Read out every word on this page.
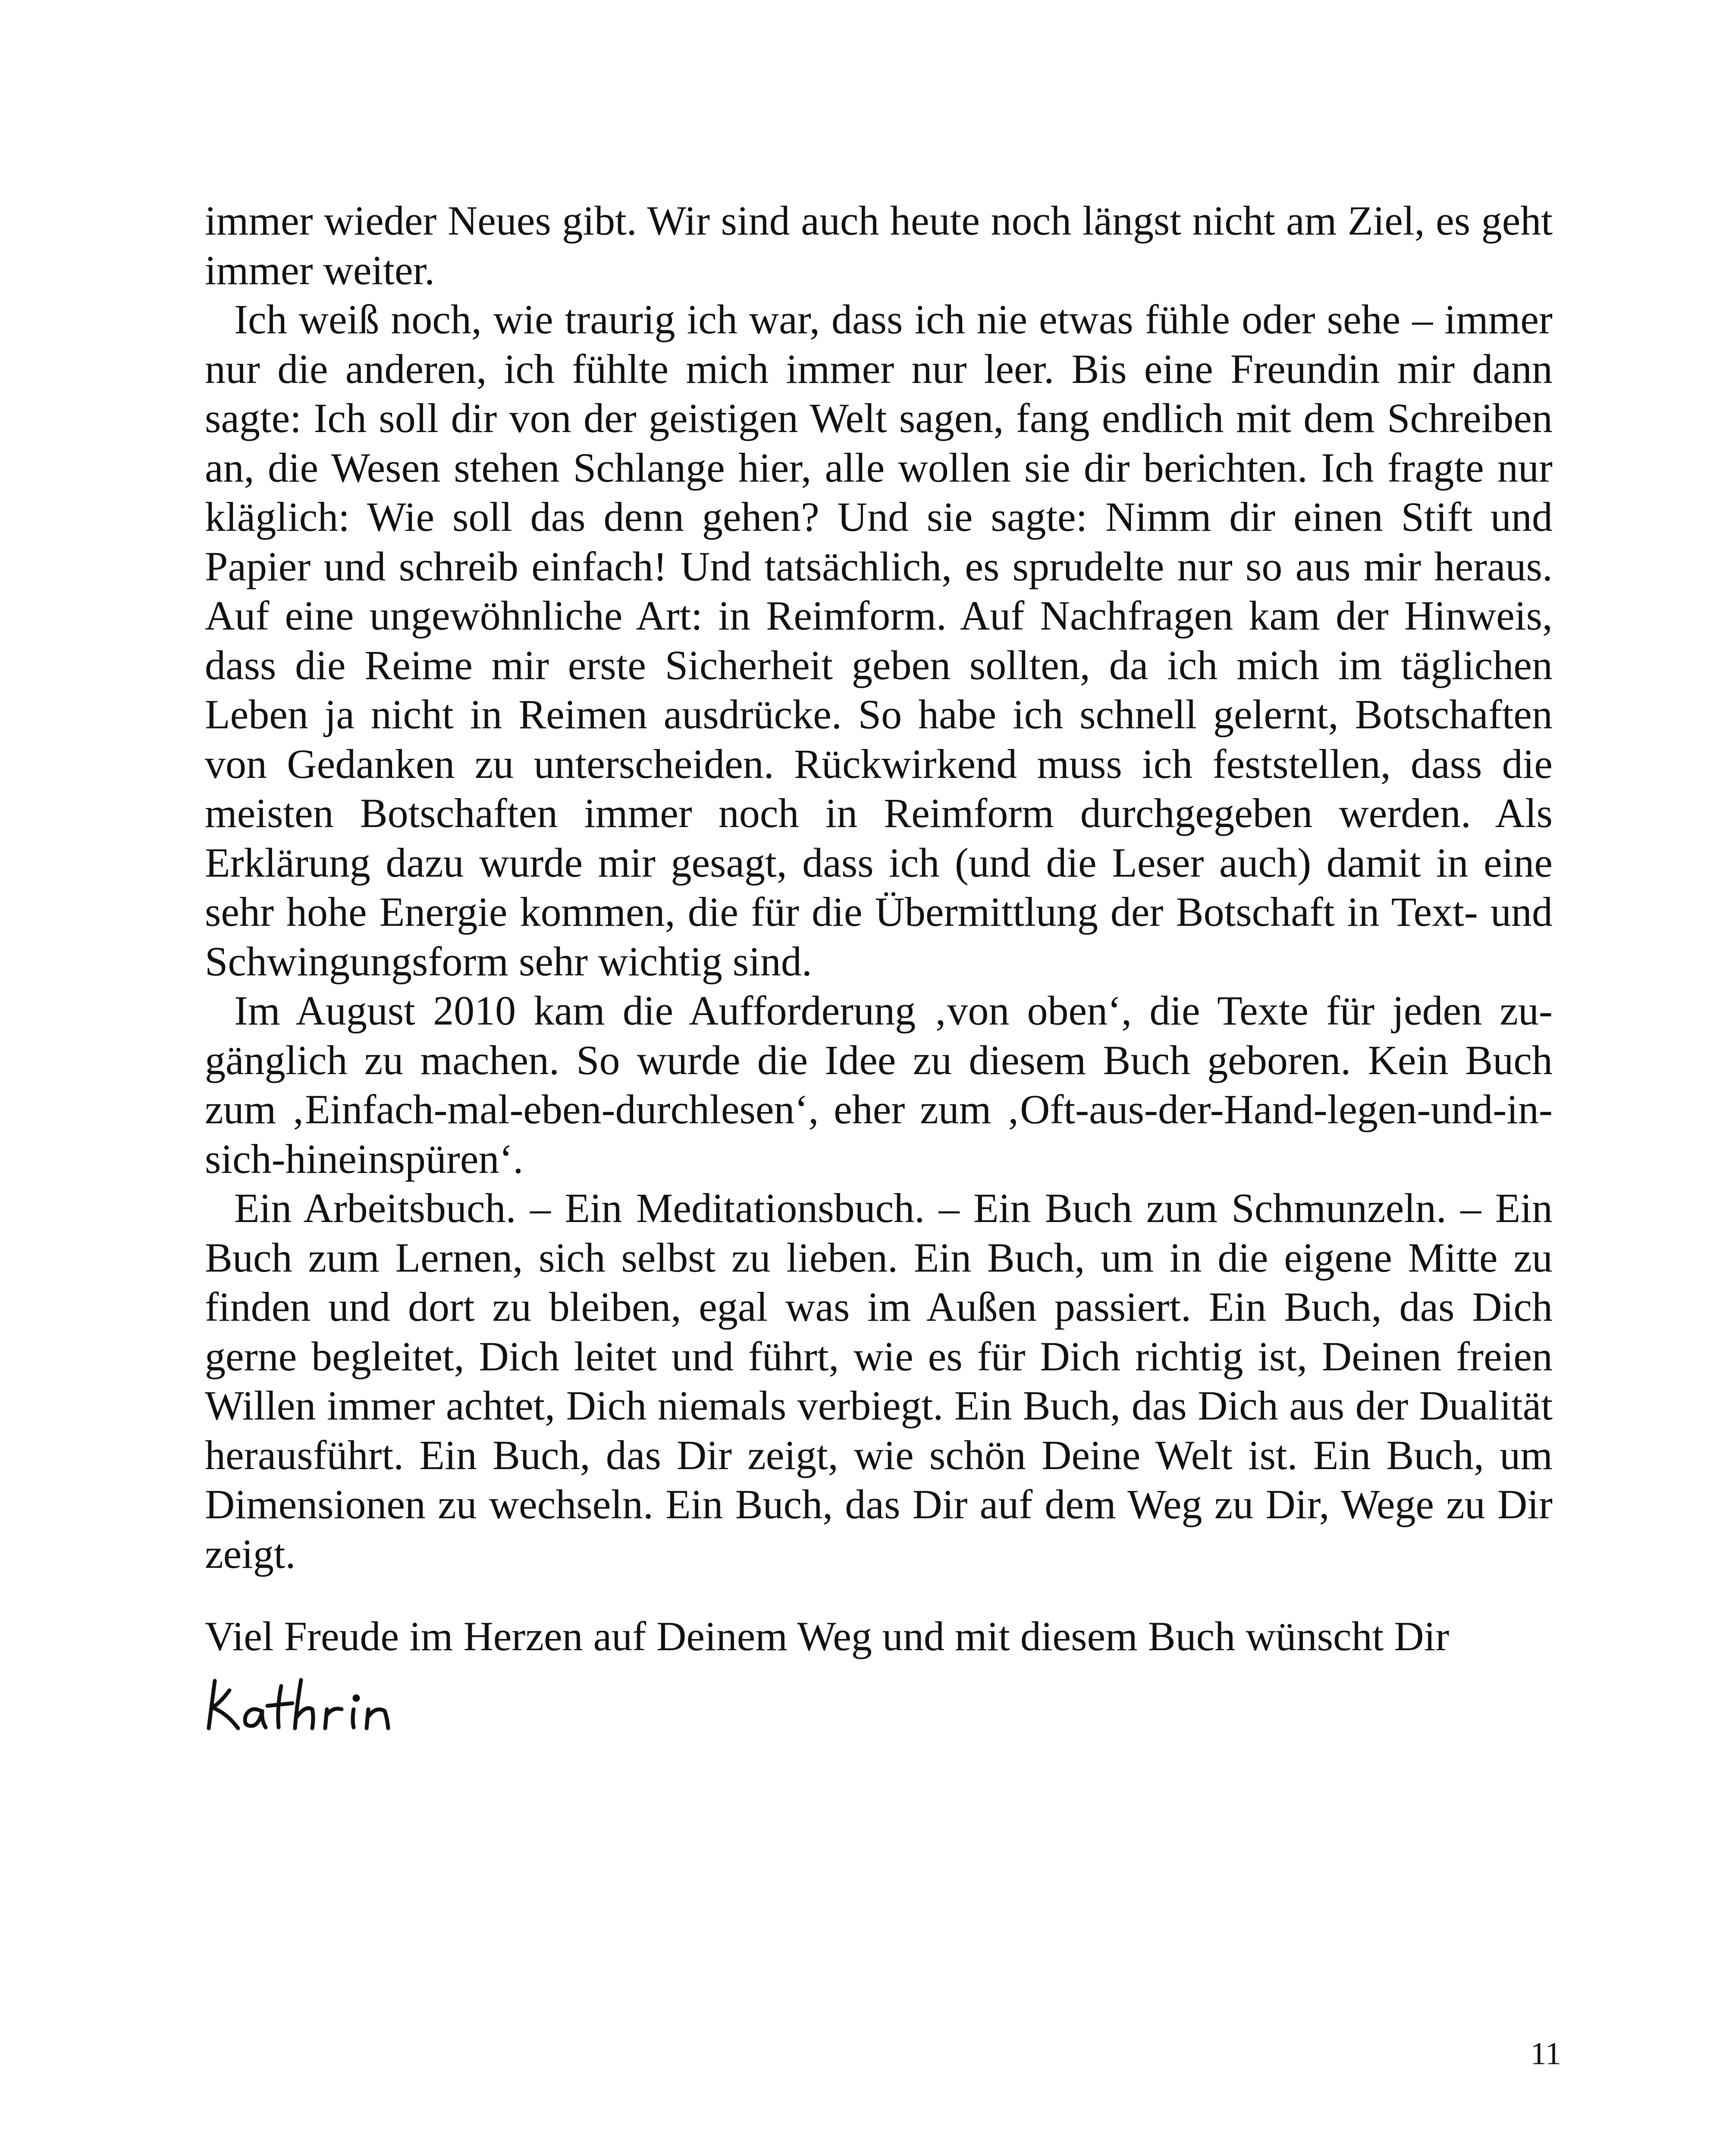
immer wieder Neues gibt. Wir sind auch heute noch längst nicht am Ziel, es geht immer weiter.

Ich weiß noch, wie traurig ich war, dass ich nie etwas fühle oder sehe – immer nur die anderen, ich fühlte mich immer nur leer. Bis eine Freundin mir dann sagte: Ich soll dir von der geistigen Welt sagen, fang endlich mit dem Schreiben an, die Wesen stehen Schlange hier, alle wollen sie dir berichten. Ich fragte nur kläglich: Wie soll das denn gehen? Und sie sagte: Nimm dir einen Stift und Papier und schreib einfach! Und tatsächlich, es sprudelte nur so aus mir heraus. Auf eine ungewöhnliche Art: in Reimform. Auf Nachfragen kam der Hinweis, dass die Reime mir erste Sicherheit geben sollten, da ich mich im täglichen Leben ja nicht in Reimen ausdrücke. So habe ich schnell gelernt, Botschaften von Gedanken zu unterscheiden. Rückwirkend muss ich feststellen, dass die meisten Botschaften immer noch in Reimform durchgegeben werden. Als Erklärung dazu wurde mir gesagt, dass ich (und die Leser auch) damit in eine sehr hohe Energie kommen, die für die Übermittlung der Botschaft in Text- und Schwingungsform sehr wichtig sind.

Im August 2010 kam die Aufforderung ‚von oben‘, die Texte für jeden zugänglich zu machen. So wurde die Idee zu diesem Buch geboren. Kein Buch zum ‚Einfach-mal-eben-durchlesen‘, eher zum ‚Oft-aus-der-Hand-legen-und-in-sich-hineinspüren‘.

Ein Arbeitsbuch. – Ein Meditationsbuch. – Ein Buch zum Schmunzeln. – Ein Buch zum Lernen, sich selbst zu lieben. Ein Buch, um in die eigene Mitte zu finden und dort zu bleiben, egal was im Außen passiert. Ein Buch, das Dich gerne begleitet, Dich leitet und führt, wie es für Dich richtig ist, Deinen freien Willen immer achtet, Dich niemals verbiegt. Ein Buch, das Dich aus der Dualität herausführt. Ein Buch, das Dir zeigt, wie schön Deine Welt ist. Ein Buch, um Dimensionen zu wechseln. Ein Buch, das Dir auf dem Weg zu Dir, Wege zu Dir zeigt.

Viel Freude im Herzen auf Deinem Weg und mit diesem Buch wünscht Dir
11
